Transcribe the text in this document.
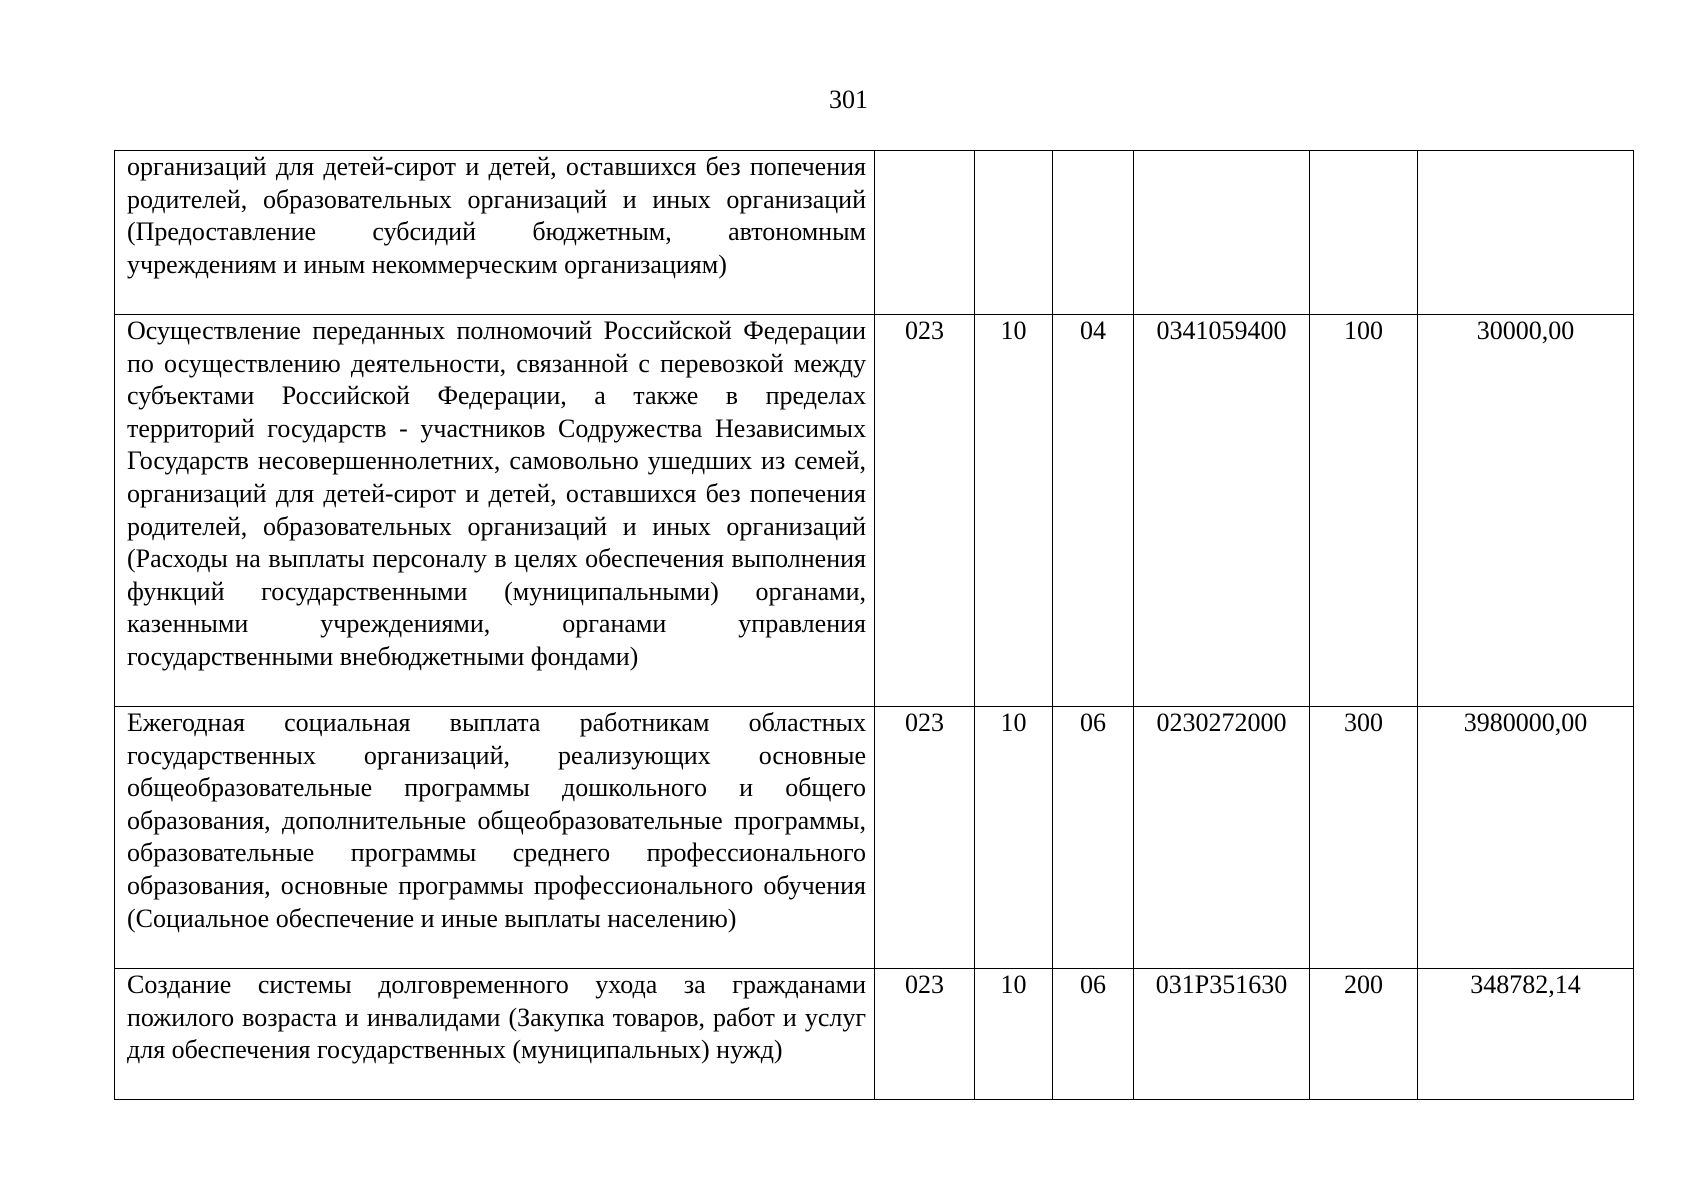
301
организаций для детей-сирот и детей, оставшихся без попечения родителей, образовательных организаций и иных организаций (Предоставление субсидий бюджетным, автономным учреждениям и иным некоммерческим организациям)						
Осуществление переданных полномочий Российской Федерации по осуществлению деятельности, связанной с перевозкой между субъектами Российской Федерации, а также в пределах территорий государств - участников Содружества Независимых Государств несовершеннолетних, самовольно ушедших из семей, организаций для детей-сирот и детей, оставшихся без попечения родителей, образовательных организаций и иных организаций (Расходы на выплаты персоналу в целях обеспечения выполнения функций государственными (муниципальными) органами, казенными учреждениями, органами управления государственными внебюджетными фондами)	023	10	04	0341059400	100	30000,00
Ежегодная социальная выплата работникам областных государственных организаций, реализующих основные общеобразовательные программы дошкольного и общего образования, дополнительные общеобразовательные программы, образовательные программы среднего профессионального образования, основные программы профессионального обучения (Социальное обеспечение и иные выплаты населению)	023	10	06	0230272000	300	3980000,00
Создание системы долговременного ухода за гражданами пожилого возраста и инвалидами (Закупка товаров, работ и услуг для обеспечения государственных (муниципальных) нужд)	023	10	06	031Р351630	200	348782,14
